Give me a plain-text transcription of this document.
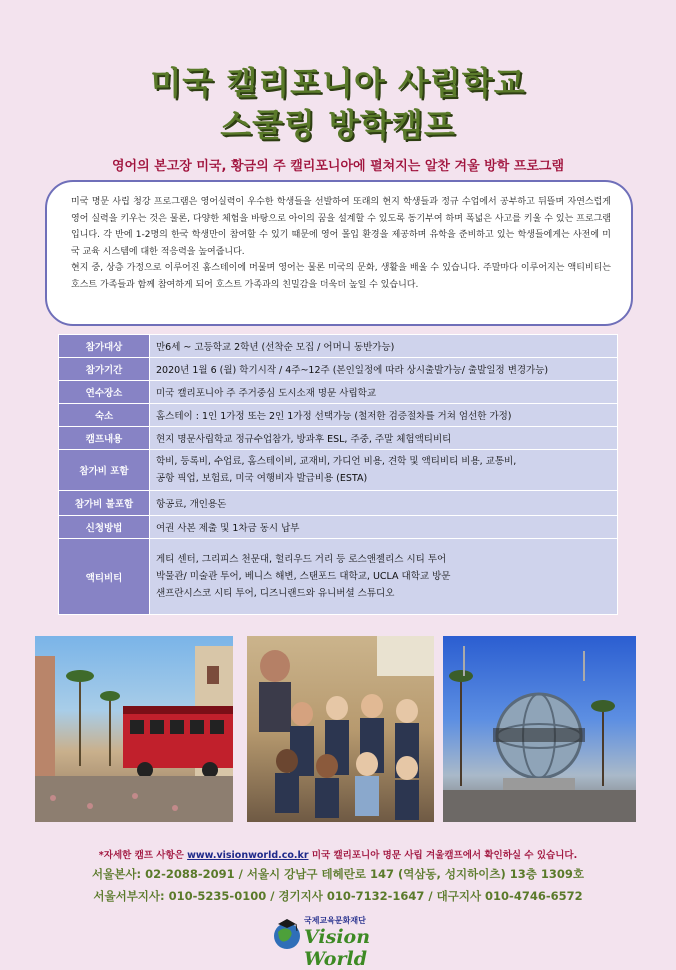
미국 캘리포니아 사립학교
스쿨링 방학캠프
영어의 본고장 미국, 황금의 주 캘리포니아에 펼쳐지는 알찬 겨울 방학 프로그램

미국 명문 사립 청강 프로그램은 영어실력이 우수한 학생들을 선발하여 또래의 현지 학생들과 정규 수업에서 공부하고 뒤뜰며 자연스럽게 영어 실력을 키우는 것은 물론, 다양한 체험을 바탕으로 아이의 꿈을 설계할 수 있도록 동기부여 하며 폭넓은 사고를 키울 수 있는 프로그램입니다. 각 반에 1-2명의 한국 학생만이 참여할 수 있기 때문에 영어 몰입 환경을 제공하며 유학을 준비하고 있는 학생들에게는 사전에 미국 교육 시스템에 대한 적응력을 높여줍니다.

현지 중, 상층 가정으로 이루어진 홈스테이에 머물며 영어는 물론 미국의 문화, 생활을 배울 수 있습니다. 주말마다 이루어지는 액티비티는 호스트 가족들과 함께 참여하게 되어 호스트 가족과의 친밀감을 더욱더 높일 수 있습니다.

참가대상	만6세 ~ 고등학교 2학년 (선착순 모집 / 어머니 동반가능)
참가기간	2020년 1월 6 (월) 학기시작 / 4주~12주 (본인일정에 따라 상시출발가능/ 출발일정 변경가능)
연수장소	미국 캘리포니아 주 주거중심 도시소재 명문 사립학교
숙소	홈스테이 : 1인 1가정 또는 2인 1가정 선택가능 (철저한 검증절차를 거쳐 엄선한 가정)
캠프내용	현지 명문사립학교 정규수업참가, 방과후 ESL, 주중, 주말 체험액티비티
참가비 포함	학비, 등록비, 수업료, 홈스테이비, 교재비, 가디언 비용, 견학 및 액티비티 비용, 교통비,
공항 픽업, 보험료, 미국 여행비자 발급비용 (ESTA)

참가비 불포함	항공료, 개인용돈
신청방법	여권 사본 제출 및 1차금 동시 납부
액티비티	게티 센터, 그리피스 천문대, 헐리우드 거리 등 로스앤젤리스 시티 투어
박물관/ 미술관 투어, 베니스 해변, 스탠포드 대학교, UCLA 대학교 방문
샌프란시스코 시티 투어, 디즈니랜드와 유니버셜 스튜디오
*자세한 캠프 사항은 www.visionworld.co.kr 미국 캘리포니아 명문 사립 겨울캠프에서 확인하실 수 있습니다.
서울본사: 02-2088-2091 / 서울시 강남구 테헤란로 147 (역삼동, 성지하이츠) 13층 1309호
서울서부지사: 010-5235-0100 / 경기지사 010-7132-1647 / 대구지사 010-4746-6572
국제교육문화재단
Vision World
